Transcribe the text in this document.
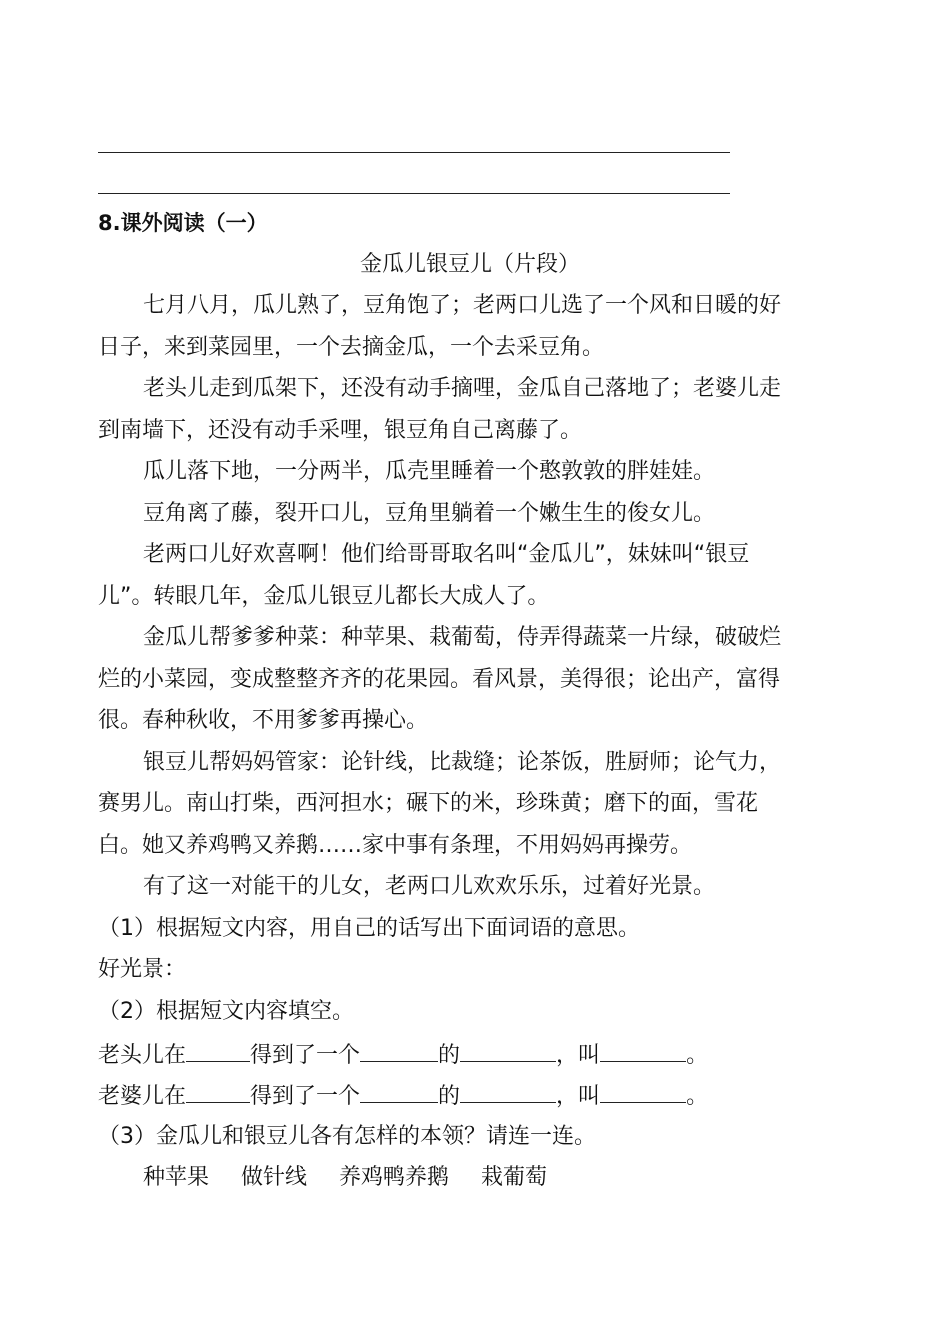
8.课外阅读（一）
金瓜儿银豆儿（片段）
七月八月，瓜儿熟了，豆角饱了；老两口儿选了一个风和日暖的好
日子，来到菜园里，一个去摘金瓜，一个去采豆角。
老头儿走到瓜架下，还没有动手摘哩，金瓜自己落地了；老婆儿走
到南墙下，还没有动手采哩，银豆角自己离藤了。
瓜儿落下地，一分两半，瓜壳里睡着一个憨敦敦的胖娃娃。
豆角离了藤，裂开口儿，豆角里躺着一个嫩生生的俊女儿。
老两口儿好欢喜啊！他们给哥哥取名叫“金瓜儿”，妹妹叫“银豆
儿”。转眼几年，金瓜儿银豆儿都长大成人了。
金瓜儿帮爹爹种菜：种苹果、栽葡萄，侍弄得蔬菜一片绿，破破烂
烂的小菜园，变成整整齐齐的花果园。看风景，美得很；论出产，富得
很。春种秋收，不用爹爹再操心。
银豆儿帮妈妈管家：论针线，比裁缝；论茶饭，胜厨师；论气力，
赛男儿。南山打柴，西河担水；碾下的米，珍珠黄；磨下的面，雪花
白。她又养鸡鸭又养鹅……家中事有条理，不用妈妈再操劳。
有了这一对能干的儿女，老两口儿欢欢乐乐，过着好光景。
（1）根据短文内容，用自己的话写出下面词语的意思。
好光景：
（2）根据短文内容填空。
老头儿在	得到了一个	的	，叫	。
老婆儿在	得到了一个	的	，叫	。
（3）金瓜儿和银豆儿各有怎样的本领？请连一连。
种苹果 做针线 养鸡鸭养鹅 栽葡萄
